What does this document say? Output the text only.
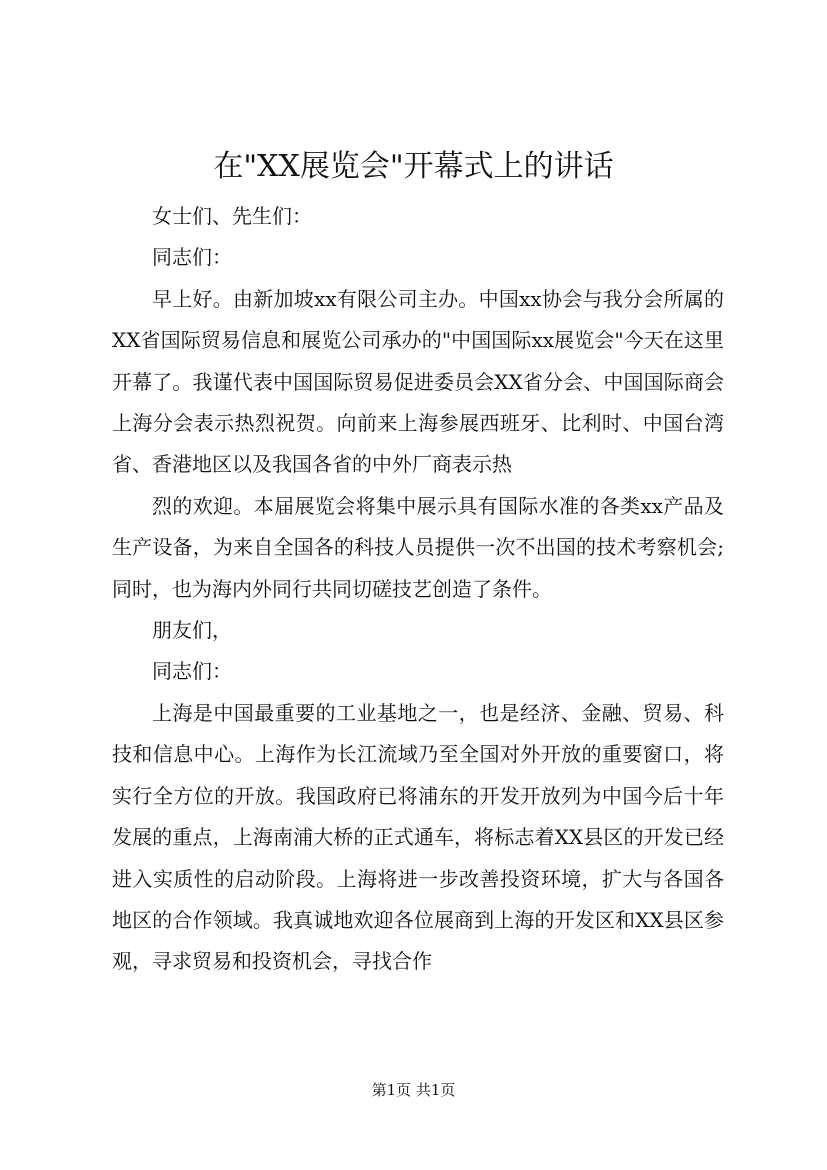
在"XX展览会"开幕式上的讲话

女士们、先生们：

同志们：

早上好。由新加坡xx有限公司主办。中国xx协会与我分会所属的XX省国际贸易信息和展览公司承办的"中国国际xx展览会"今天在这里开幕了。我谨代表中国国际贸易促进委员会XX省分会、中国国际商会上海分会表示热烈祝贺。向前来上海参展西班牙、比利时、中国台湾省、香港地区以及我国各省的中外厂商表示热

烈的欢迎。本届展览会将集中展示具有国际水准的各类xx产品及生产设备，为来自全国各的科技人员提供一次不出国的技术考察机会;同时，也为海内外同行共同切磋技艺创造了条件。

朋友们，

同志们：

上海是中国最重要的工业基地之一，也是经济、金融、贸易、科技和信息中心。上海作为长江流域乃至全国对外开放的重要窗口，将实行全方位的开放。我国政府已将浦东的开发开放列为中国今后十年发展的重点，上海南浦大桥的正式通车，将标志着XX县区的开发已经进入实质性的启动阶段。上海将进一步改善投资环境，扩大与各国各地区的合作领域。我真诚地欢迎各位展商到上海的开发区和XX县区参观，寻求贸易和投资机会，寻找合作

第1页 共1页
